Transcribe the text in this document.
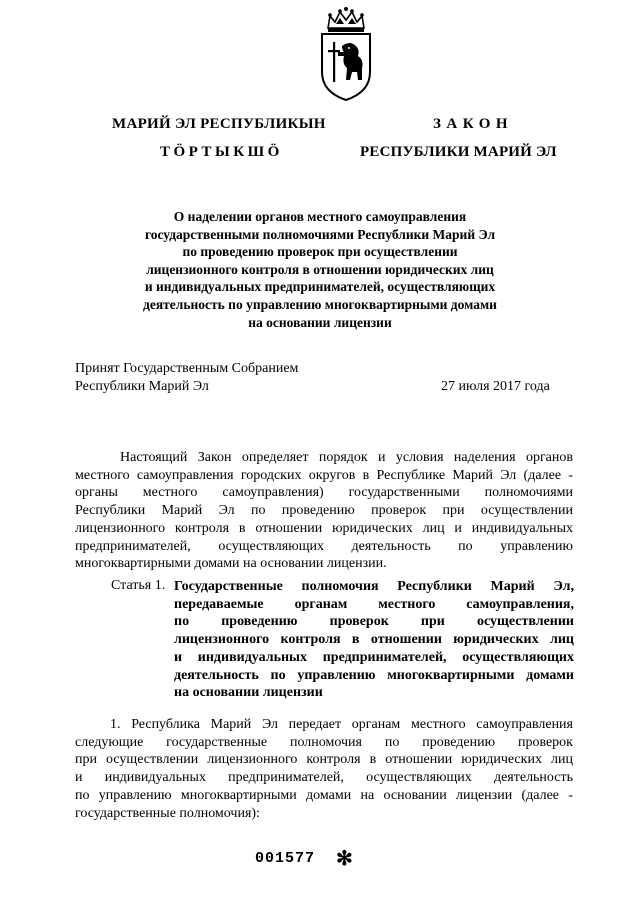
МАРИЙ ЭЛ РЕСПУБЛИКЫН
ТӦРТЫКШӦ
ЗАКОН
РЕСПУБЛИКИ МАРИЙ ЭЛ
О наделении органов местного самоуправления
государственными полномочиями Республики Марий Эл
по проведению проверок при осуществлении
лицензионного контроля в отношении юридических лиц
и индивидуальных предпринимателей, осуществляющих
деятельность по управлению многоквартирными домами
на основании лицензии
Принят Государственным Собранием
Республики Марий Эл	27 июля 2017 года
Настоящий Закон определяет порядок и условия наделения органов
местного самоуправления городских округов в Республике Марий Эл (далее -
органы местного самоуправления) государственными полномочиями
Республики Марий Эл по проведению проверок при осуществлении
лицензионного контроля в отношении юридических лиц и индивидуальных
предпринимателей, осуществляющих деятельность по управлению
многоквартирными домами на основании лицензии.
Статья 1. Государственные полномочия Республики Марий Эл,
передаваемые органам местного самоуправления,
по проведению проверок при осуществлении
лицензионного контроля в отношении юридических лиц
и индивидуальных предпринимателей, осуществляющих
деятельность по управлению многоквартирными домами
на основании лицензии
1. Республика Марий Эл передает органам местного самоуправления
следующие государственные полномочия по проведению проверок
при осуществлении лицензионного контроля в отношении юридических лиц
и индивидуальных предпринимателей, осуществляющих деятельность
по управлению многоквартирными домами на основании лицензии (далее -
государственные полномочия):
001577 ✻
